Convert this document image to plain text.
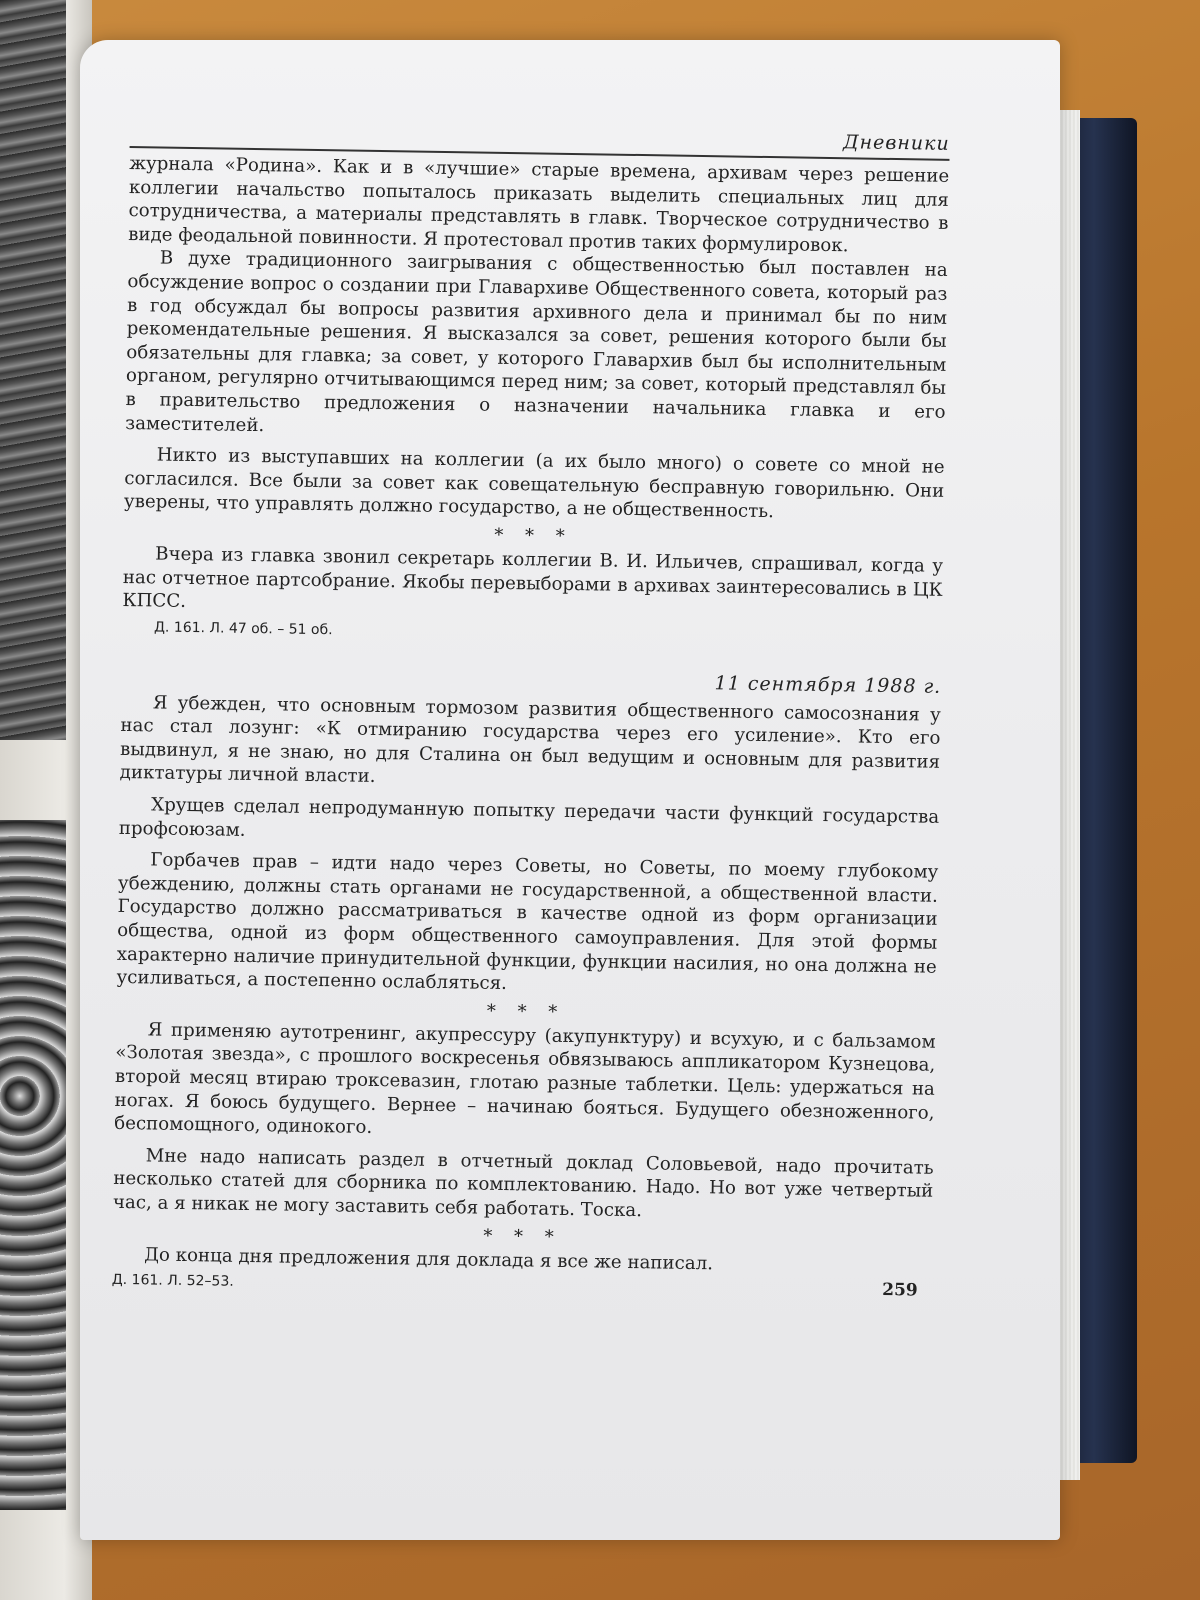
Дневники

журнала «Родина». Как и в «лучшие» старые времена, архивам через решение коллегии начальство попыталось приказать выделить специальных лиц для сотрудничества, а материалы представлять в главк. Творческое сотрудничество в виде феодальной повинности. Я протестовал против таких формулировок.

В духе традиционного заигрывания с общественностью был поставлен на обсуждение вопрос о создании при Главархиве Общественного совета, который раз в год обсуждал бы вопросы развития архивного дела и принимал бы по ним рекомендательные решения. Я высказался за совет, решения которого были бы обязательны для главка; за совет, у которого Главархив был бы исполнительным органом, регулярно отчитывающимся перед ним; за совет, который представлял бы в правительство предложения о назначении начальника главка и его заместителей.

Никто из выступавших на коллегии (а их было много) о совете со мной не согласился. Все были за совет как совещательную бесправную говорильню. Они уверены, что управлять должно государство, а не общественность.

* * *

Вчера из главка звонил секретарь коллегии В. И. Ильичев, спрашивал, когда у нас отчетное партсобрание. Якобы перевыборами в архивах заинтересовались в ЦК КПСС.

Д. 161. Л. 47 об. – 51 об.
11 сентября 1988 г.

Я убежден, что основным тормозом развития общественного самосознания у нас стал лозунг: «К отмиранию государства через его усиление». Кто его выдвинул, я не знаю, но для Сталина он был ведущим и основным для развития диктатуры личной власти.

Хрущев сделал непродуманную попытку передачи части функций государства профсоюзам.

Горбачев прав – идти надо через Советы, но Советы, по моему глубокому убеждению, должны стать органами не государственной, а общественной власти. Государство должно рассматриваться в качестве одной из форм организации общества, одной из форм общественного самоуправления. Для этой формы характерно наличие принудительной функции, функции насилия, но она должна не усиливаться, а постепенно ослабляться.

* * *

Я применяю аутотренинг, акупрессуру (акупунктуру) и всухую, и с бальзамом «Золотая звезда», с прошлого воскресенья обвязываюсь аппликатором Кузнецова, второй месяц втираю троксевазин, глотаю разные таблетки. Цель: удержаться на ногах. Я боюсь будущего. Вернее – начинаю бояться. Будущего обезноженного, беспомощного, одинокого.

Мне надо написать раздел в отчетный доклад Соловьевой, надо прочитать несколько статей для сборника по комплектованию. Надо. Но вот уже четвертый час, а я никак не могу заставить себя работать. Тоска.

* * *

До конца дня предложения для доклада я все же написал.

Д. 161. Л. 52–53.	259
